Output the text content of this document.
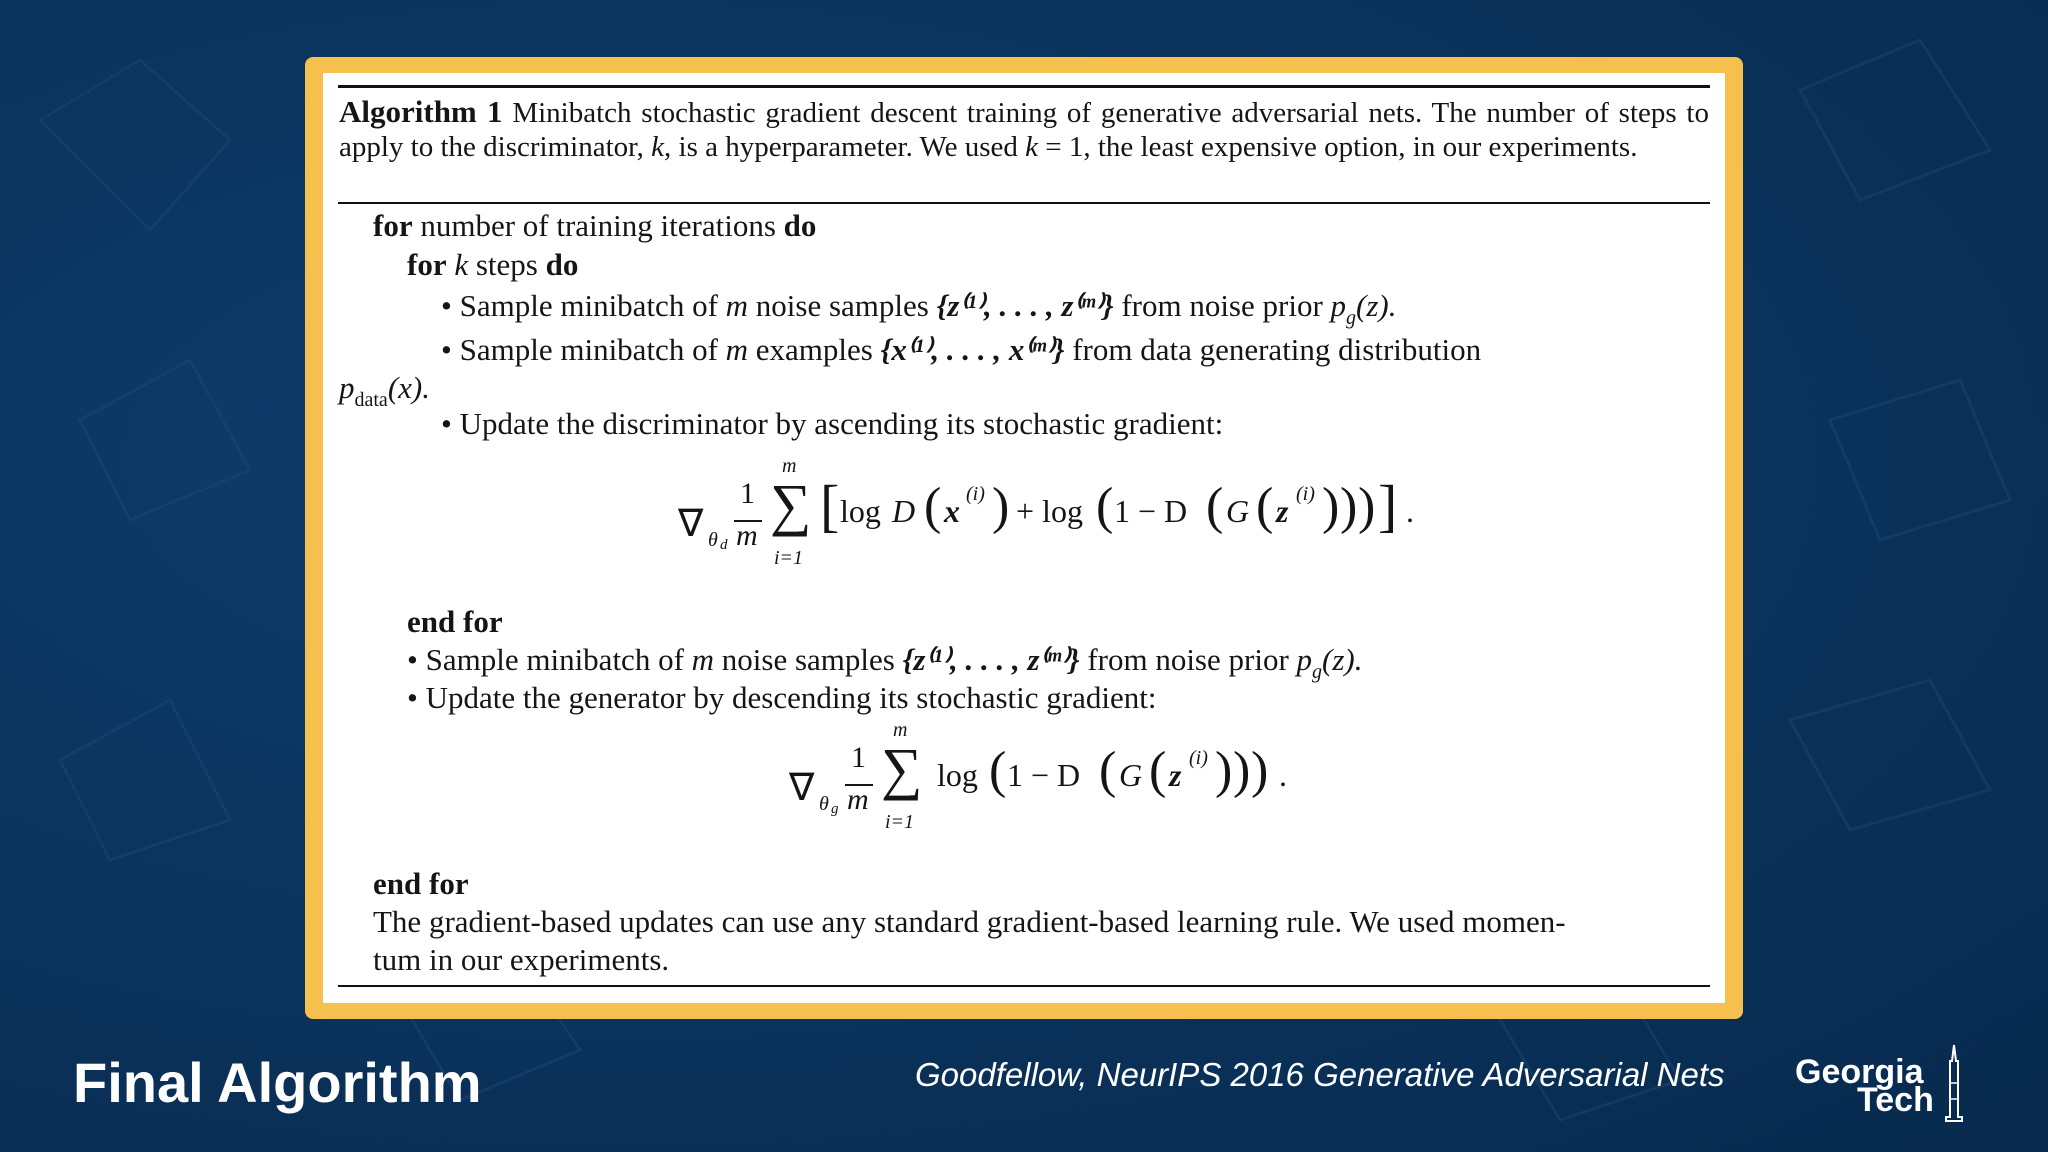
Algorithm 1 Minibatch stochastic gradient descent training of generative adversarial nets. The number of steps to apply to the discriminator, k, is a hyperparameter. We used k = 1, the least expensive option, in our experiments.
for number of training iterations do
for k steps do
• Sample minibatch of m noise samples {z⁽¹⁾, . . . , z⁽ᵐ⁾} from noise prior $p_g(z)$.
• Sample minibatch of m examples {x⁽¹⁾, . . . , x⁽ᵐ⁾} from data generating distribution
$p_{data}(x)$.
• Update the discriminator by ascending its stochastic gradient:
∇ θ d
1
m
m
∑
i=1
[ log D ( x (i) ) + log ( 1 − D ( G ( z (i) ) ) ) ] .
end for
• Sample minibatch of m noise samples {z⁽¹⁾, . . . , z⁽ᵐ⁾} from noise prior $p_g(z)$.
• Update the generator by descending its stochastic gradient:
∇ θ g
1
m
m
∑
i=1
log ( 1 − D ( G ( z (i) ) ) ) .
end for
The gradient-based updates can use any standard gradient-based learning rule. We used momen-
tum in our experiments.
Final Algorithm	Goodfellow, NeurIPS 2016 Generative Adversarial Nets Georgia
Tech
